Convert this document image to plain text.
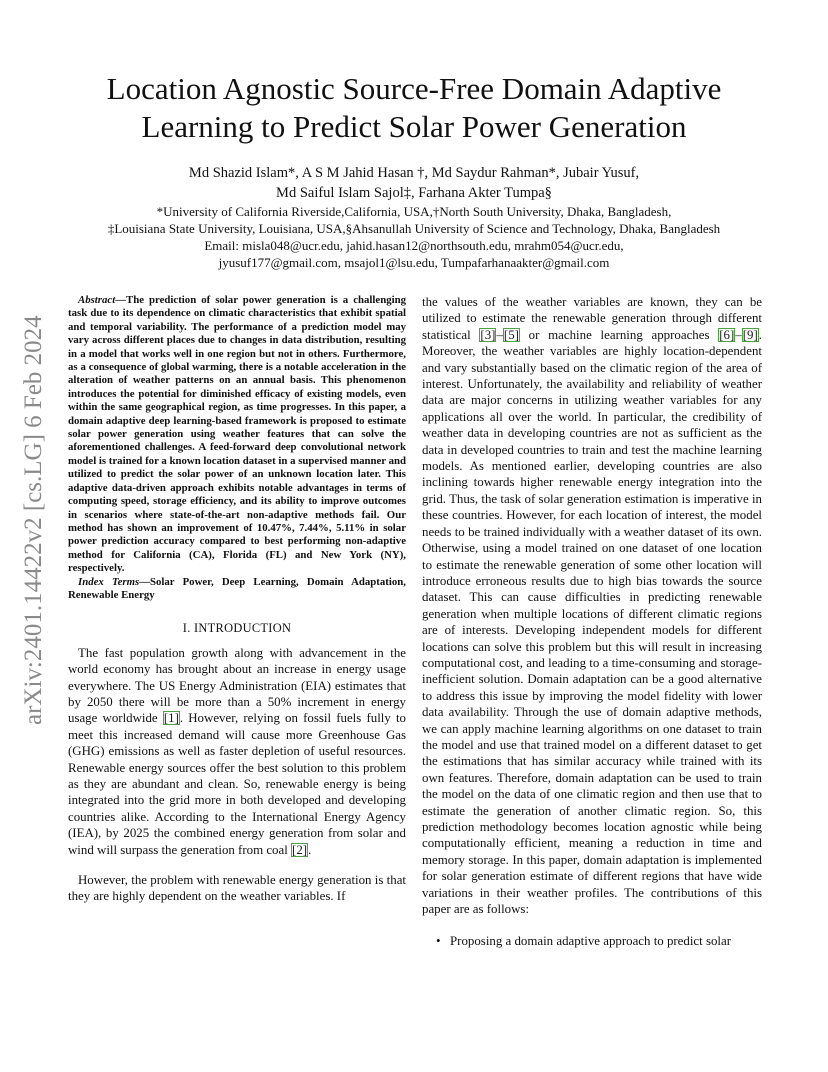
arXiv:2401.14422v2 [cs.LG] 6 Feb 2024
Location Agnostic Source-Free Domain Adaptive Learning to Predict Solar Power Generation
Md Shazid Islam*, A S M Jahid Hasan †, Md Saydur Rahman*, Jubair Yusuf,
Md Saiful Islam Sajol‡, Farhana Akter Tumpa§
*University of California Riverside,California, USA,†North South University, Dhaka, Bangladesh,
‡Louisiana State University, Louisiana, USA,§Ahsanullah University of Science and Technology, Dhaka, Bangladesh
Email: misla048@ucr.edu, jahid.hasan12@northsouth.edu, mrahm054@ucr.edu,
jyusuf177@gmail.com, msajol1@lsu.edu, Tumpafarhanaakter@gmail.com

Abstract—The prediction of solar power generation is a challenging task due to its dependence on climatic characteristics that exhibit spatial and temporal variability. The performance of a prediction model may vary across different places due to changes in data distribution, resulting in a model that works well in one region but not in others. Furthermore, as a consequence of global warming, there is a notable acceleration in the alteration of weather patterns on an annual basis. This phenomenon introduces the potential for diminished efficacy of existing models, even within the same geographical region, as time progresses. In this paper, a domain adaptive deep learning-based framework is proposed to estimate solar power generation using weather features that can solve the aforementioned challenges. A feed-forward deep convolutional network model is trained for a known location dataset in a supervised manner and utilized to predict the solar power of an unknown location later. This adaptive data-driven approach exhibits notable advantages in terms of computing speed, storage efficiency, and its ability to improve outcomes in scenarios where state-of-the-art non-adaptive methods fail. Our method has shown an improvement of 10.47%, 7.44%, 5.11% in solar power prediction accuracy compared to best performing non-adaptive method for California (CA), Florida (FL) and New York (NY), respectively.

Index Terms—Solar Power, Deep Learning, Domain Adaptation, Renewable Energy

I. INTRODUCTION

The fast population growth along with advancement in the world economy has brought about an increase in energy usage everywhere. The US Energy Administration (EIA) estimates that by 2050 there will be more than a 50% increment in energy usage worldwide [1]. However, relying on fossil fuels fully to meet this increased demand will cause more Greenhouse Gas (GHG) emissions as well as faster depletion of useful resources. Renewable energy sources offer the best solution to this problem as they are abundant and clean. So, renewable energy is being integrated into the grid more in both developed and developing countries alike. According to the International Energy Agency (IEA), by 2025 the combined energy generation from solar and wind will surpass the generation from coal [2].

However, the problem with renewable energy generation is that they are highly dependent on the weather variables. If

the values of the weather variables are known, they can be utilized to estimate the renewable generation through different statistical [3]–[5] or machine learning approaches [6]–[9]. Moreover, the weather variables are highly location-dependent and vary substantially based on the climatic region of the area of interest. Unfortunately, the availability and reliability of weather data are major concerns in utilizing weather variables for any applications all over the world. In particular, the credibility of weather data in developing countries are not as sufficient as the data in developed countries to train and test the machine learning models. As mentioned earlier, developing countries are also inclining towards higher renewable energy integration into the grid. Thus, the task of solar generation estimation is imperative in these countries. However, for each location of interest, the model needs to be trained individually with a weather dataset of its own. Otherwise, using a model trained on one dataset of one location to estimate the renewable generation of some other location will introduce erroneous results due to high bias towards the source dataset. This can cause difficulties in predicting renewable generation when multiple locations of different climatic regions are of interests. Developing independent models for different locations can solve this problem but this will result in increasing computational cost, and leading to a time-consuming and storage-inefficient solution. Domain adaptation can be a good alternative to address this issue by improving the model fidelity with lower data availability. Through the use of domain adaptive methods, we can apply machine learning algorithms on one dataset to train the model and use that trained model on a different dataset to get the estimations that has similar accuracy while trained with its own features. Therefore, domain adaptation can be used to train the model on the data of one climatic region and then use that to estimate the generation of another climatic region. So, this prediction methodology becomes location agnostic while being computationally efficient, meaning a reduction in time and memory storage. In this paper, domain adaptation is implemented for solar generation estimate of different regions that have wide variations in their weather profiles. The contributions of this paper are as follows:

• Proposing a domain adaptive approach to predict solar
